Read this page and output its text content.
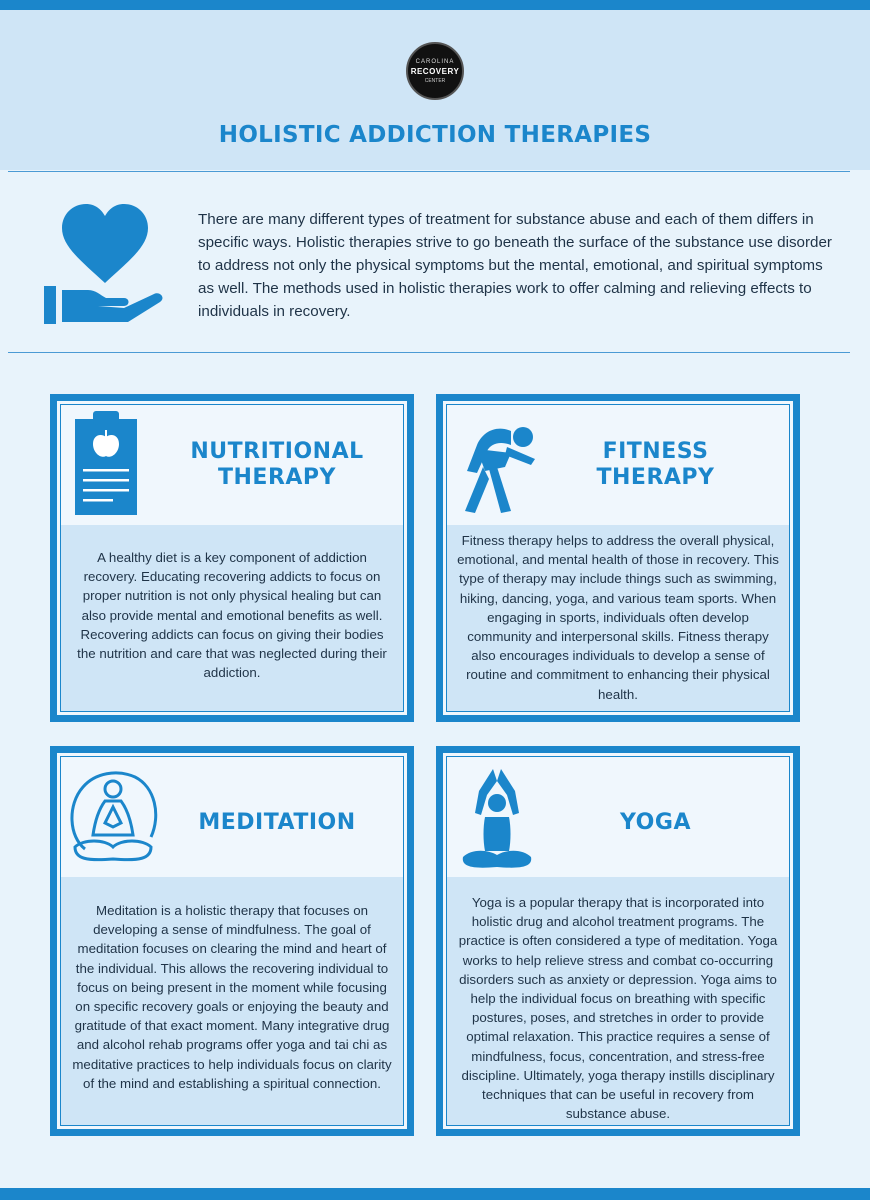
CAROLINA
RECOVERY
CENTER
HOLISTIC ADDICTION THERAPIES
There are many different types of treatment for substance abuse and each of them differs in specific ways. Holistic therapies strive to go beneath the surface of the substance use disorder to address not only the physical symptoms but the mental, emotional, and spiritual symptoms as well. The methods used in holistic therapies work to offer calming and relieving effects to individuals in recovery.
NUTRITIONAL
THERAPY

A healthy diet is a key component of addiction recovery. Educating recovering addicts to focus on proper nutrition is not only physical healing but can also provide mental and emotional benefits as well. Recovering addicts can focus on giving their bodies the nutrition and care that was neglected during their addiction.

FITNESS
THERAPY

Fitness therapy helps to address the overall physical, emotional, and mental health of those in recovery. This type of therapy may include things such as swimming, hiking, dancing, yoga, and various team sports. When engaging in sports, individuals often develop community and interpersonal skills. Fitness therapy also encourages individuals to develop a sense of routine and commitment to enhancing their physical health.

MEDITATION

Meditation is a holistic therapy that focuses on developing a sense of mindfulness. The goal of meditation focuses on clearing the mind and heart of the individual. This allows the recovering individual to focus on being present in the moment while focusing on specific recovery goals or enjoying the beauty and gratitude of that exact moment. Many integrative drug and alcohol rehab programs offer yoga and tai chi as meditative practices to help individuals focus on clarity of the mind and establishing a spiritual connection.

YOGA

Yoga is a popular therapy that is incorporated into holistic drug and alcohol treatment programs. The practice is often considered a type of meditation. Yoga works to help relieve stress and combat co-occurring disorders such as anxiety or depression. Yoga aims to help the individual focus on breathing with specific postures, poses, and stretches in order to provide optimal relaxation. This practice requires a sense of mindfulness, focus, concentration, and stress-free discipline. Ultimately, yoga therapy instills disciplinary techniques that can be useful in recovery from substance abuse.
